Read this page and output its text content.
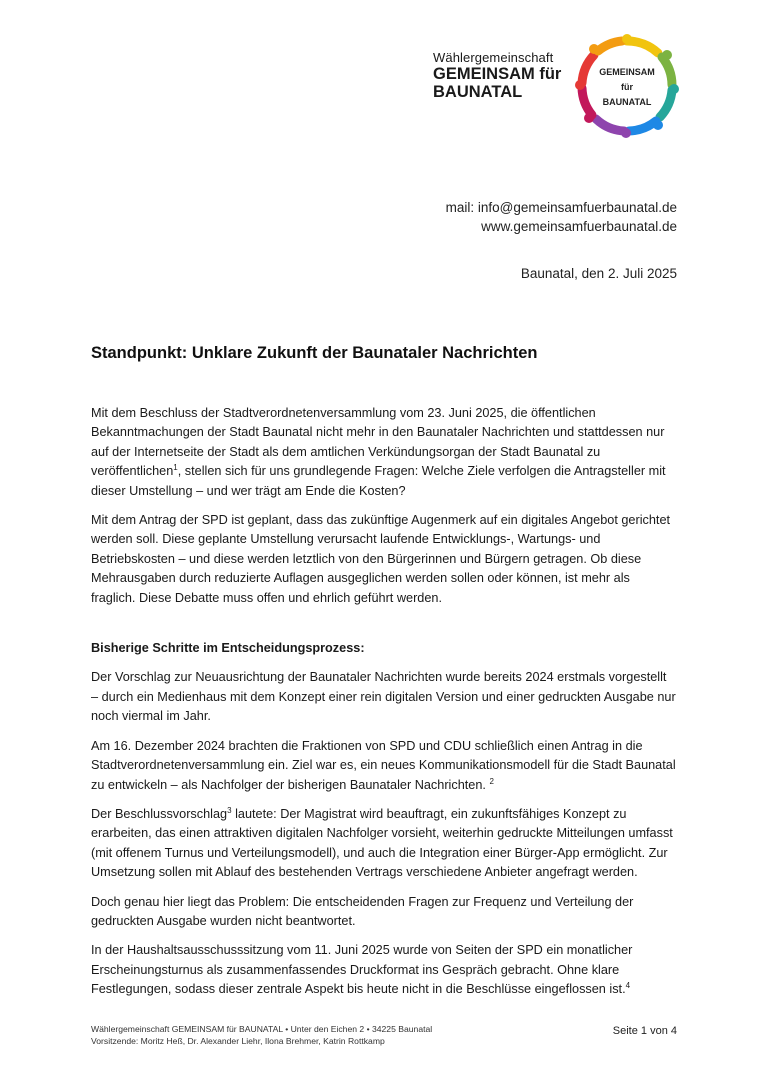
Wählergemeinschaft
GEMEINSAM für
BAUNATAL
GEMEINSAM
für
BAUNATAL
mail: info@gemeinsamfuerbaunatal.de
www.gemeinsamfuerbaunatal.de
Baunatal, den 2. Juli 2025
Standpunkt: Unklare Zukunft der Baunataler Nachrichten

Mit dem Beschluss der Stadtverordnetenversammlung vom 23. Juni 2025, die öffentlichen Bekanntmachungen der Stadt Baunatal nicht mehr in den Baunataler Nachrichten und stattdessen nur auf der Internetseite der Stadt als dem amtlichen Verkündungsorgan der Stadt Baunatal zu veröffentlichen$^1$, stellen sich für uns grundlegende Fragen: Welche Ziele verfolgen die Antragsteller mit dieser Umstellung – und wer trägt am Ende die Kosten?

Mit dem Antrag der SPD ist geplant, dass das zukünftige Augenmerk auf ein digitales Angebot gerichtet werden soll. Diese geplante Umstellung verursacht laufende Entwicklungs-, Wartungs- und Betriebskosten – und diese werden letztlich von den Bürgerinnen und Bürgern getragen. Ob diese Mehrausgaben durch reduzierte Auflagen ausgeglichen werden sollen oder können, ist mehr als fraglich. Diese Debatte muss offen und ehrlich geführt werden.

Bisherige Schritte im Entscheidungsprozess:

Der Vorschlag zur Neuausrichtung der Baunataler Nachrichten wurde bereits 2024 erstmals vorgestellt – durch ein Medienhaus mit dem Konzept einer rein digitalen Version und einer gedruckten Ausgabe nur noch viermal im Jahr.

Am 16. Dezember 2024 brachten die Fraktionen von SPD und CDU schließlich einen Antrag in die Stadtverordnetenversammlung ein. Ziel war es, ein neues Kommunikationsmodell für die Stadt Baunatal zu entwickeln – als Nachfolger der bisherigen Baunataler Nachrichten. $^2$

Der Beschlussvorschlag$^3$ lautete: Der Magistrat wird beauftragt, ein zukunftsfähiges Konzept zu erarbeiten, das einen attraktiven digitalen Nachfolger vorsieht, weiterhin gedruckte Mitteilungen umfasst (mit offenem Turnus und Verteilungsmodell), und auch die Integration einer Bürger-App ermöglicht. Zur Umsetzung sollen mit Ablauf des bestehenden Vertrags verschiedene Anbieter angefragt werden.

Doch genau hier liegt das Problem: Die entscheidenden Fragen zur Frequenz und Verteilung der gedruckten Ausgabe wurden nicht beantwortet.

In der Haushaltsausschusssitzung vom 11. Juni 2025 wurde von Seiten der SPD ein monatlicher Erscheinungsturnus als zusammenfassendes Druckformat ins Gespräch gebracht. Ohne klare Festlegungen, sodass dieser zentrale Aspekt bis heute nicht in die Beschlüsse eingeflossen ist.$^4$

Wählergemeinschaft GEMEINSAM für BAUNATAL • Unter den Eichen 2 • 34225 Baunatal
Vorsitzende: Moritz Heß, Dr. Alexander Liehr, Ilona Brehmer, Katrin Rottkamp
Seite 1 von 4
